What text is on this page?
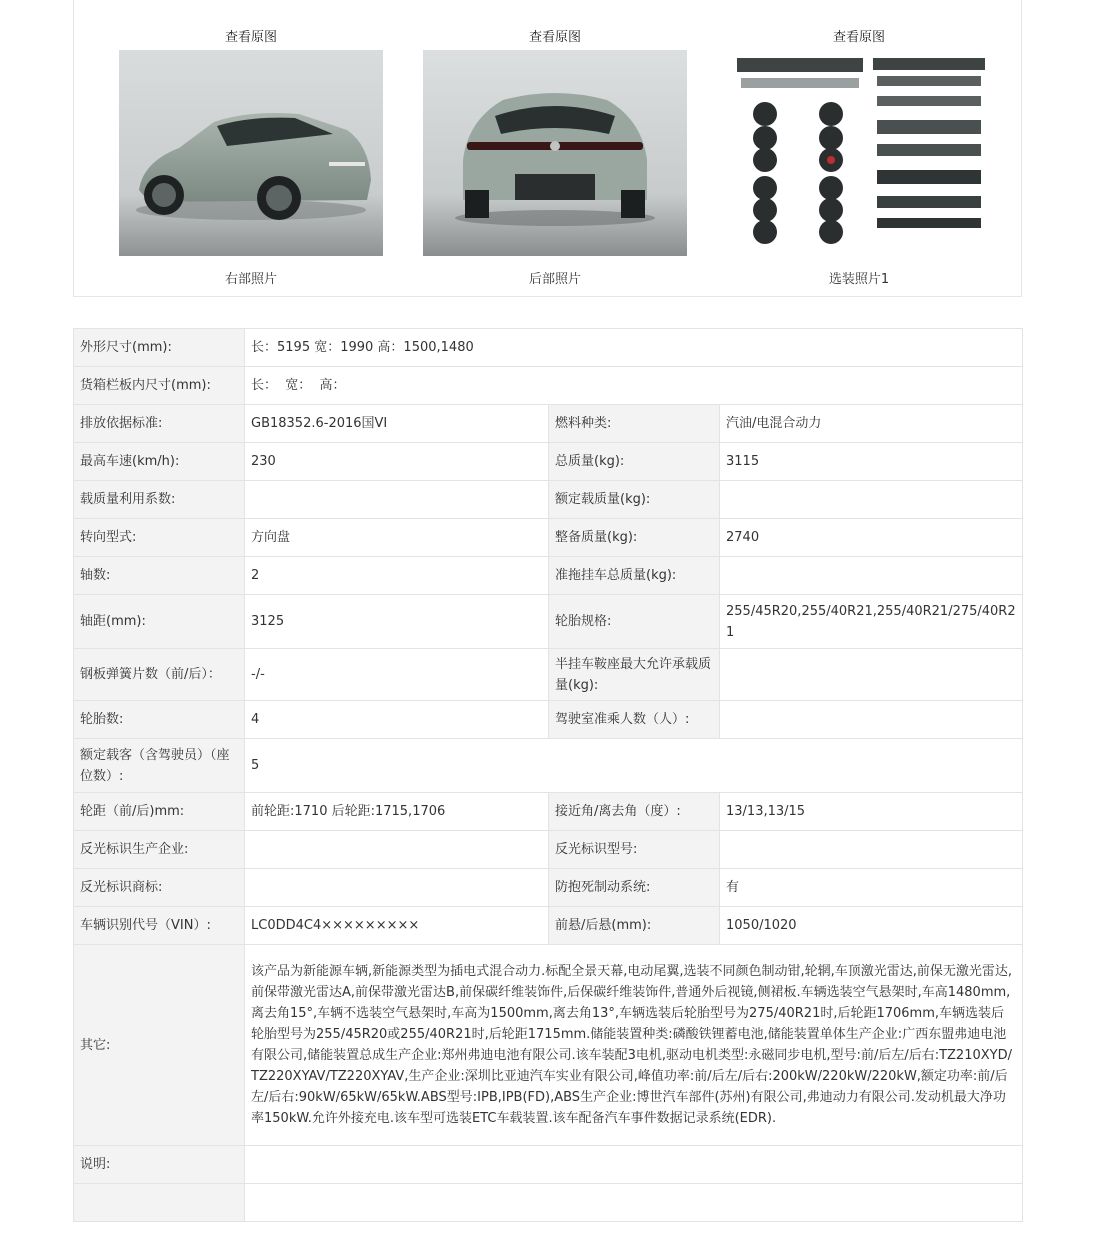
查看原图
右部照片
查看原图
后部照片
查看原图
选装照片1
外形尺寸(mm):	长：5195 宽：1990 高：1500,1480		
货箱栏板内尺寸(mm):	长：  宽：  高：		
排放依据标准:	GB18352.6-2016国VI	燃料种类:	汽油/电混合动力
最高车速(km/h):	230	总质量(kg):	3115
载质量利用系数:		额定载质量(kg):	
转向型式:	方向盘	整备质量(kg):	2740
轴数:	2	准拖挂车总质量(kg):	
轴距(mm):	3125	轮胎规格:	255/45R20,255/40R21,255/40R21/275/40R21
钢板弹簧片数（前/后）：	-/-	半挂车鞍座最大允许承载质量(kg):	
轮胎数:	4	驾驶室准乘人数（人）:	
额定载客（含驾驶员）（座位数）:	5		
轮距（前/后)mm:	前轮距:1710 后轮距:1715,1706	接近角/离去角（度）:	13/13,13/15
反光标识生产企业:		反光标识型号:	
反光标识商标:		防抱死制动系统:	有
车辆识别代号（VIN）:	LC0DD4C4×××××××××	前悬/后悬(mm):	1050/1020
其它:	该产品为新能源车辆,新能源类型为插电式混合动力.标配全景天幕,电动尾翼,选装不同颜色制动钳,轮辋,车顶激光雷达,前保无激光雷达,前保带激光雷达A,前保带激光雷达B,前保碳纤维装饰件,后保碳纤维装饰件,普通外后视镜,侧裙板.车辆选装空气悬架时,车高1480mm,离去角15°,车辆不选装空气悬架时,车高为1500mm,离去角13°,车辆选装后轮胎型号为275/40R21时,后轮距1706mm,车辆选装后轮胎型号为255/45R20或255/40R21时,后轮距1715mm.储能装置种类:磷酸铁锂蓄电池,储能装置单体生产企业:广西东盟弗迪电池有限公司,储能装置总成生产企业:郑州弗迪电池有限公司.该车装配3电机,驱动电机类型:永磁同步电机,型号:前/后左/后右:TZ210XYD/TZ220XYAV/TZ220XYAV,生产企业:深圳比亚迪汽车实业有限公司,峰值功率:前/后左/后右:200kW/220kW/220kW,额定功率:前/后左/后右:90kW/65kW/65kW.ABS型号:IPB,IPB(FD),ABS生产企业:博世汽车部件(苏州)有限公司,弗迪动力有限公司.发动机最大净功率150kW.允许外接充电.该车型可选装ETC车载装置.该车配备汽车事件数据记录系统(EDR).		
说明:			
